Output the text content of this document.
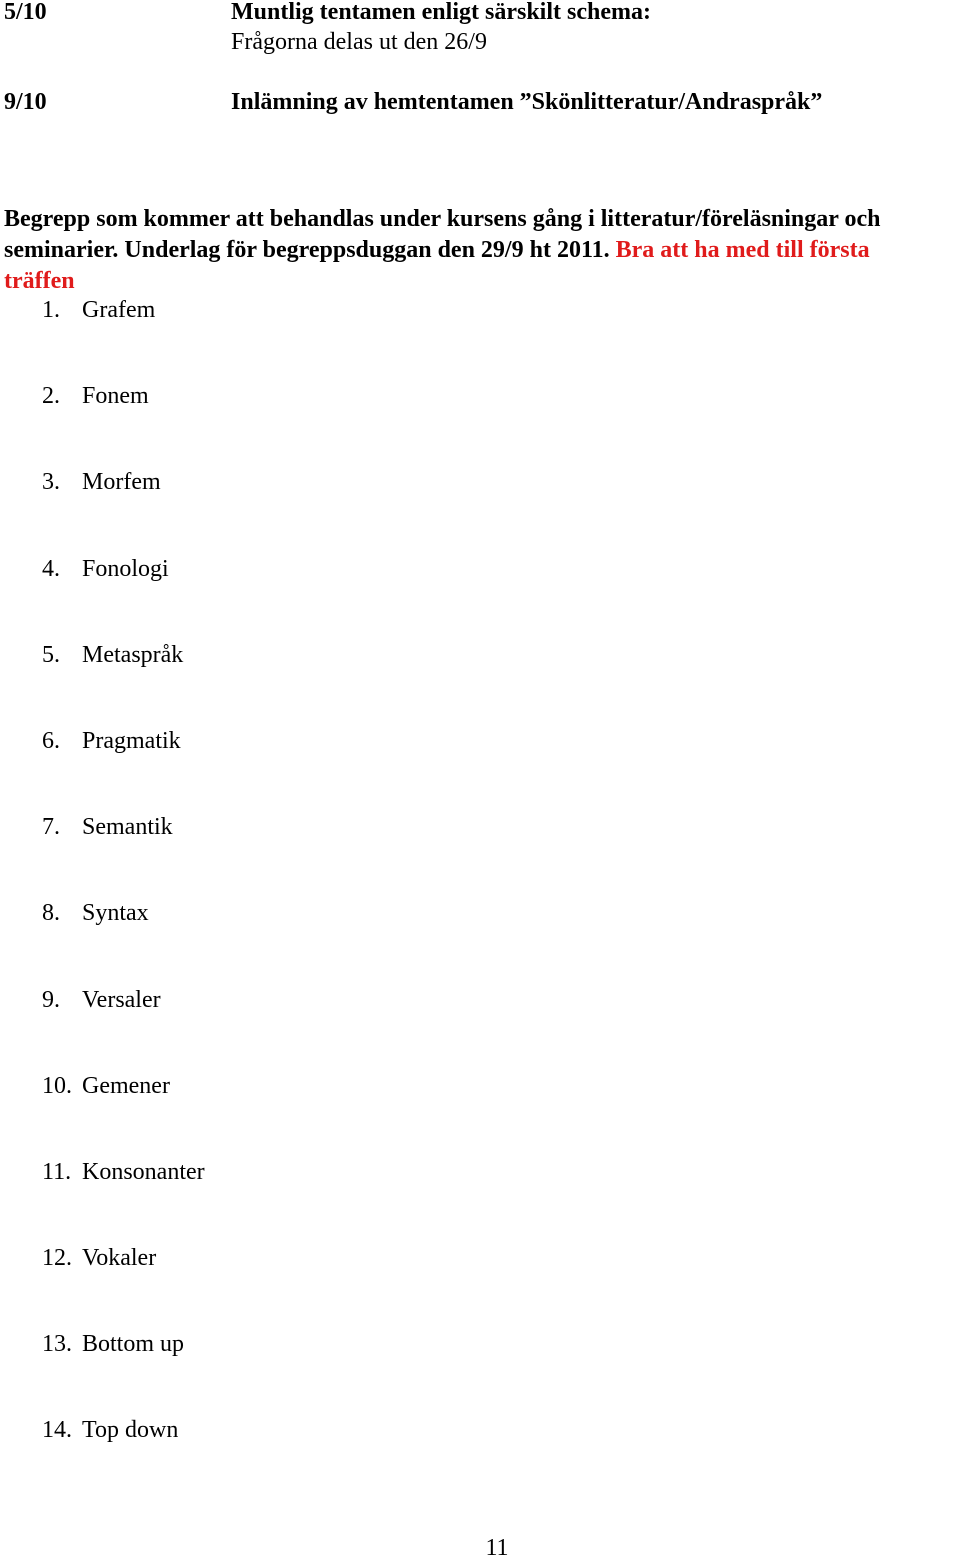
5/10	Muntlig tentamen enligt särskilt schema:
Frågorna delas ut den 26/9
9/10	Inlämning av hemtentamen ”Skönlitteratur/Andraspråk”
Begrepp som kommer att behandlas under kursens gång i litteratur/föreläsningar och
seminarier. Underlag för begreppsduggan den 29/9 ht 2011. Bra att ha med till första
träffen
1. Grafem
2. Fonem
3. Morfem
4. Fonologi
5. Metaspråk
6. Pragmatik
7. Semantik
8. Syntax
9. Versaler
10. Gemener
11. Konsonanter
12. Vokaler
13. Bottom up
14. Top down
11
